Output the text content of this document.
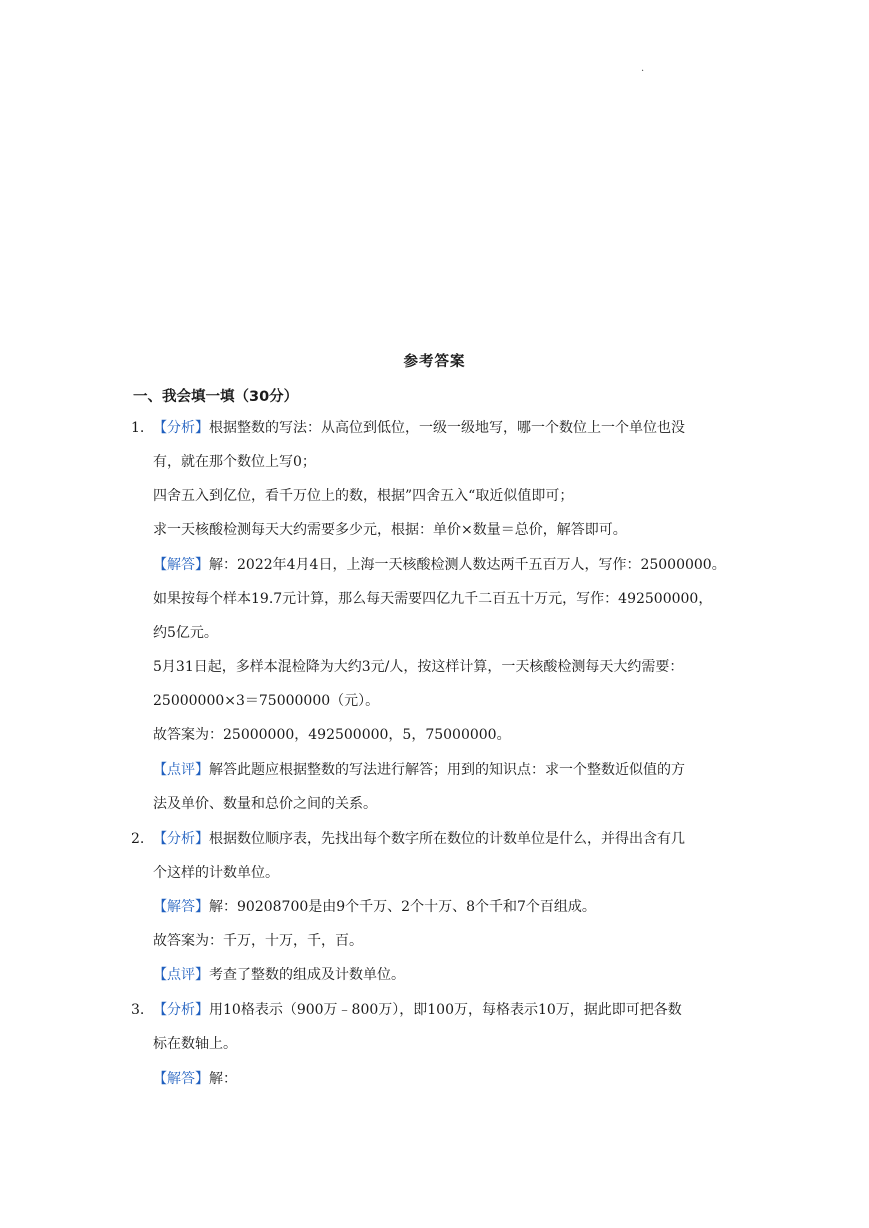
·
参考答案
一、我会填一填（30分）
1. 【分析】根据整数的写法：从高位到低位，一级一级地写，哪一个数位上一个单位也没
有，就在那个数位上写0；
四舍五入到亿位，看千万位上的数，根据”四舍五入“取近似值即可；
求一天核酸检测每天大约需要多少元，根据：单价×数量＝总价，解答即可。
【解答】解：2022年4月4日，上海一天核酸检测人数达两千五百万人，写作：25000000。
如果按每个样本19.7元计算，那么每天需要四亿九千二百五十万元，写作：492500000，
约5亿元。
5月31日起，多样本混检降为大约3元/人，按这样计算，一天核酸检测每天大约需要：
25000000×3＝75000000（元）。
故答案为：25000000，492500000，5，75000000。
【点评】解答此题应根据整数的写法进行解答；用到的知识点：求一个整数近似值的方
法及单价、数量和总价之间的关系。
2. 【分析】根据数位顺序表，先找出每个数字所在数位的计数单位是什么，并得出含有几
个这样的计数单位。
【解答】解：90208700是由9个千万、2个十万、8个千和7个百组成。
故答案为：千万，十万，千，百。
【点评】考查了整数的组成及计数单位。
3. 【分析】用10格表示（900万﹣800万），即100万，每格表示10万，据此即可把各数
标在数轴上。
【解答】解：
